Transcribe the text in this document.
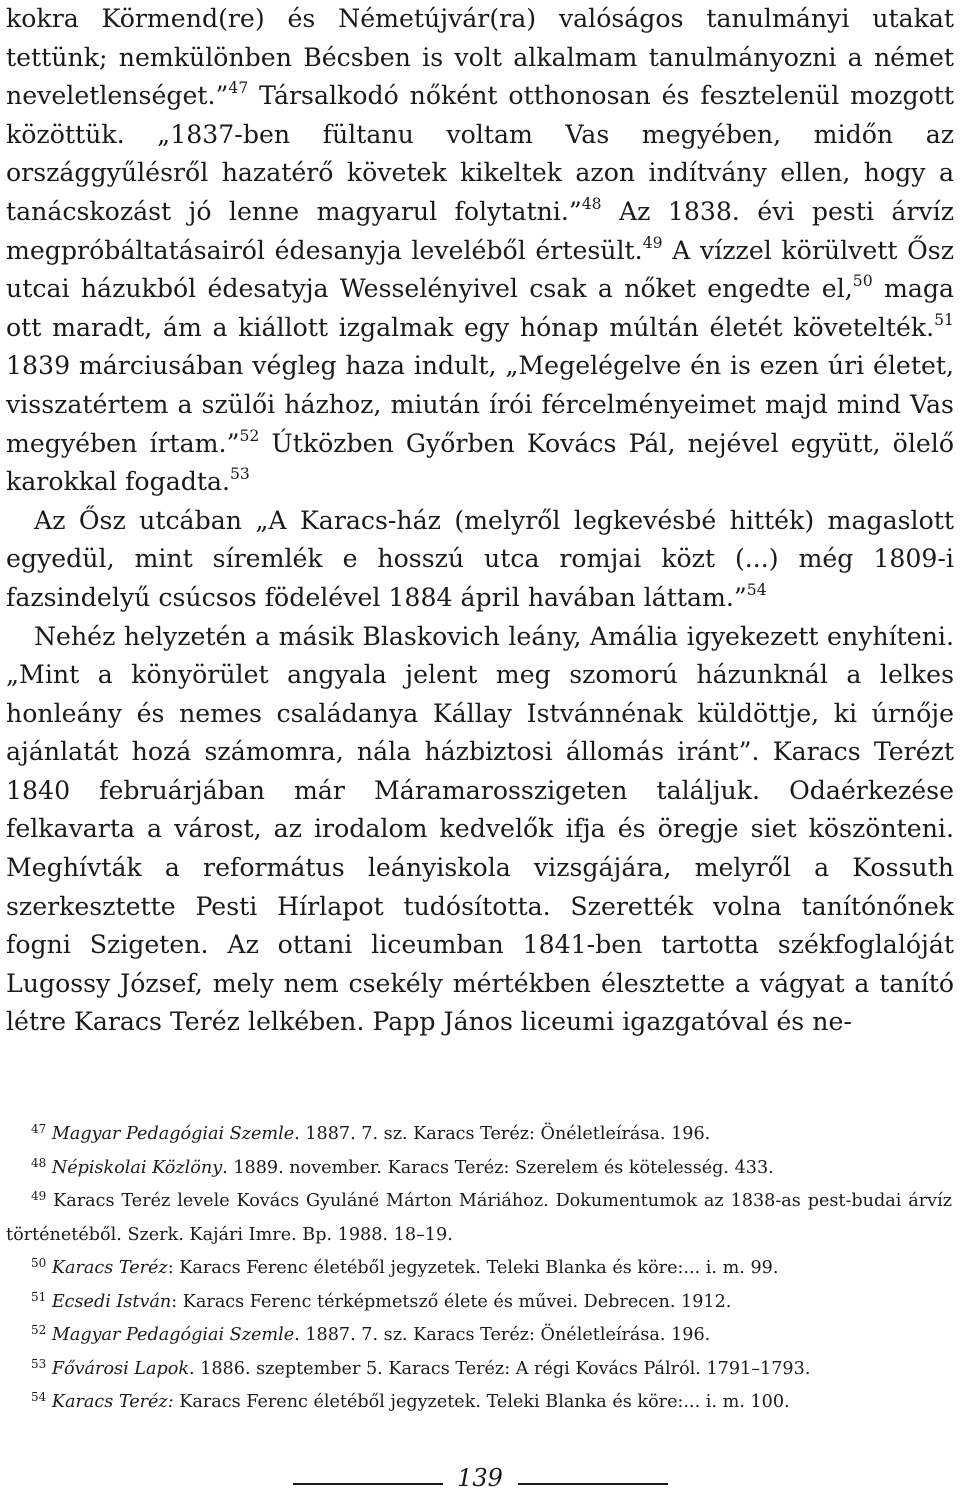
kokra Körmend(re) és Németújvár(ra) valóságos tanulmányi utakat tettünk; nemkülönben Bécsben is volt alkalmam tanulmányozni a német neveletlenséget.”$^{47}$ Társalkodó nőként otthonosan és fesztelenül mozgott közöttük. „1837-ben fültanu voltam Vas megyében, midőn az országgyűlésről hazatérő követek kikeltek azon indítvány ellen, hogy a tanácskozást jó lenne magyarul folytatni.”$^{48}$ Az 1838. évi pesti árvíz megpróbáltatásairól édesanyja leveléből értesült.$^{49}$ A vízzel körülvett Ősz utcai házukból édesatyja Wesselényivel csak a nőket engedte el,$^{50}$ maga ott maradt, ám a kiállott izgalmak egy hónap múltán életét követelték.$^{51}$ 1839 márciusában végleg haza indult, „Megelégelve én is ezen úri életet, visszatértem a szülői házhoz, miután írói fércelményeimet majd mind Vas megyében írtam.”$^{52}$ Útközben Győrben Kovács Pál, nejével együtt, ölelő karokkal fogadta.$^{53}$

Az Ősz utcában „A Karacs-ház (melyről legkevésbé hitték) magaslott egyedül, mint síremlék e hosszú utca romjai közt (...) még 1809-i fazsindelyű csúcsos födelével 1884 ápril havában láttam.”$^{54}$

Nehéz helyzetén a másik Blaskovich leány, Amália igyekezett enyhíteni. „Mint a könyörület angyala jelent meg szomorú házunknál a lelkes honleány és nemes családanya Kállay Istvánnénak küldöttje, ki úrnője ajánlatát hozá számomra, nála házbiztosi állomás iránt”. Karacs Terézt 1840 februárjában már Máramarosszigeten találjuk. Odaérkezése felkavarta a várost, az irodalom kedvelők ifja és öregje siet köszönteni. Meghívták a református leányiskola vizsgájára, melyről a Kossuth szerkesztette Pesti Hírlapot tudósította. Szerették volna tanítónőnek fogni Szigeten. Az ottani liceumban 1841-ben tartotta székfoglalóját Lugossy József, mely nem csekély mértékben élesztette a vágyat a tanító létre Karacs Teréz lelkében. Papp János liceumi igazgatóval és ne-

$^{47}$ Magyar Pedagógiai Szemle. 1887. 7. sz. Karacs Teréz: Önéletleírása. 196.

$^{48}$ Népiskolai Közlöny. 1889. november. Karacs Teréz: Szerelem és kötelesség. 433.

$^{49}$ Karacs Teréz levele Kovács Gyuláné Márton Máriához. Dokumentumok az 1838-as pest-budai árvíz történetéből. Szerk. Kajári Imre. Bp. 1988. 18–19.

$^{50}$ Karacs Teréz: Karacs Ferenc életéből jegyzetek. Teleki Blanka és köre:... i. m. 99.

$^{51}$ Ecsedi István: Karacs Ferenc térképmetsző élete és művei. Debrecen. 1912.

$^{52}$ Magyar Pedagógiai Szemle. 1887. 7. sz. Karacs Teréz: Önéletleírása. 196.

$^{53}$ Fővárosi Lapok. 1886. szeptember 5. Karacs Teréz: A régi Kovács Pálról. 1791–1793.

$^{54}$ Karacs Teréz: Karacs Ferenc életéből jegyzetek. Teleki Blanka és köre:... i. m. 100.

139
